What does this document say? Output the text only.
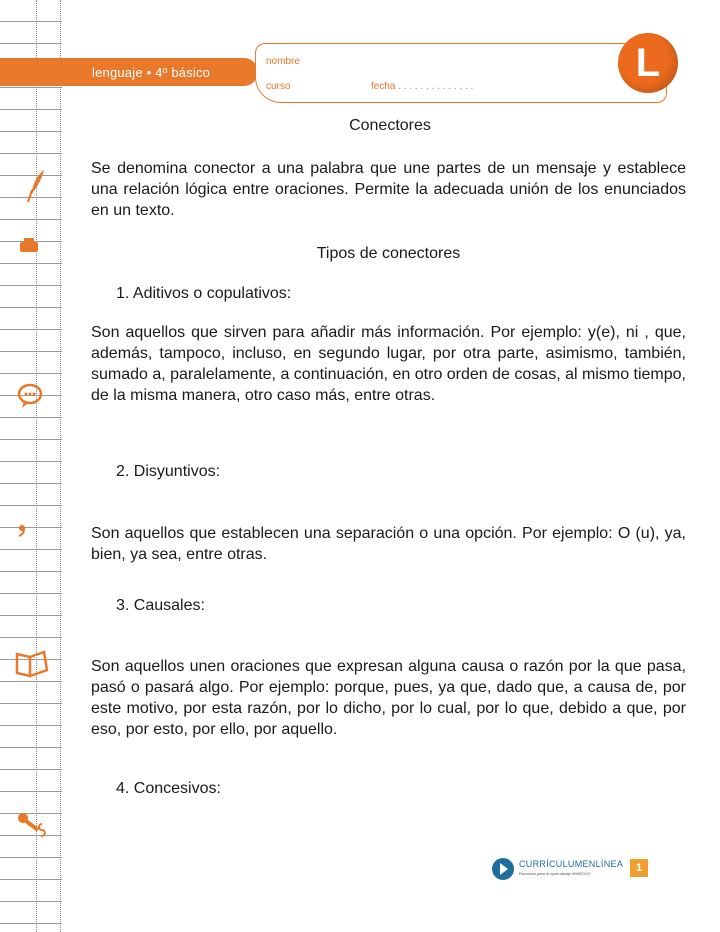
lenguaje • 4º básico
nombre
curso	fecha . . . . . . . . . . . . . .
L
Conectores

Se denomina conector a una palabra que une partes de un mensaje y establece una relación lógica entre oraciones. Permite la adecuada unión de los enunciados en un texto.

Tipos de conectores
1. Aditivos o copulativos:

Son aquellos que sirven para añadir más información. Por ejemplo: y(e), ni , que, además, tampoco, incluso, en segundo lugar, por otra parte, asimismo, también, sumado a, paralelamente, a continuación, en otro orden de cosas, al mismo tiempo, de la misma manera, otro caso más, entre otras.

2. Disyuntivos:

Son aquellos que establecen una separación o una opción. Por ejemplo: O (u), ya, bien, ya sea, entre otras.

3. Causales:

Son aquellos unen oraciones que expresan alguna causa o razón por la que pasa, pasó o pasará algo. Por ejemplo: porque, pues, ya que, dado que, a causa de, por este motivo, por esta razón, por lo dicho, por lo cual, por lo que, debido a que, por eso, por esto, por ello, por aquello.

4. Concesivos:
CURRÍCULUMENLÍNEA
Recursos para el aprendizaje MINEDUC	1
